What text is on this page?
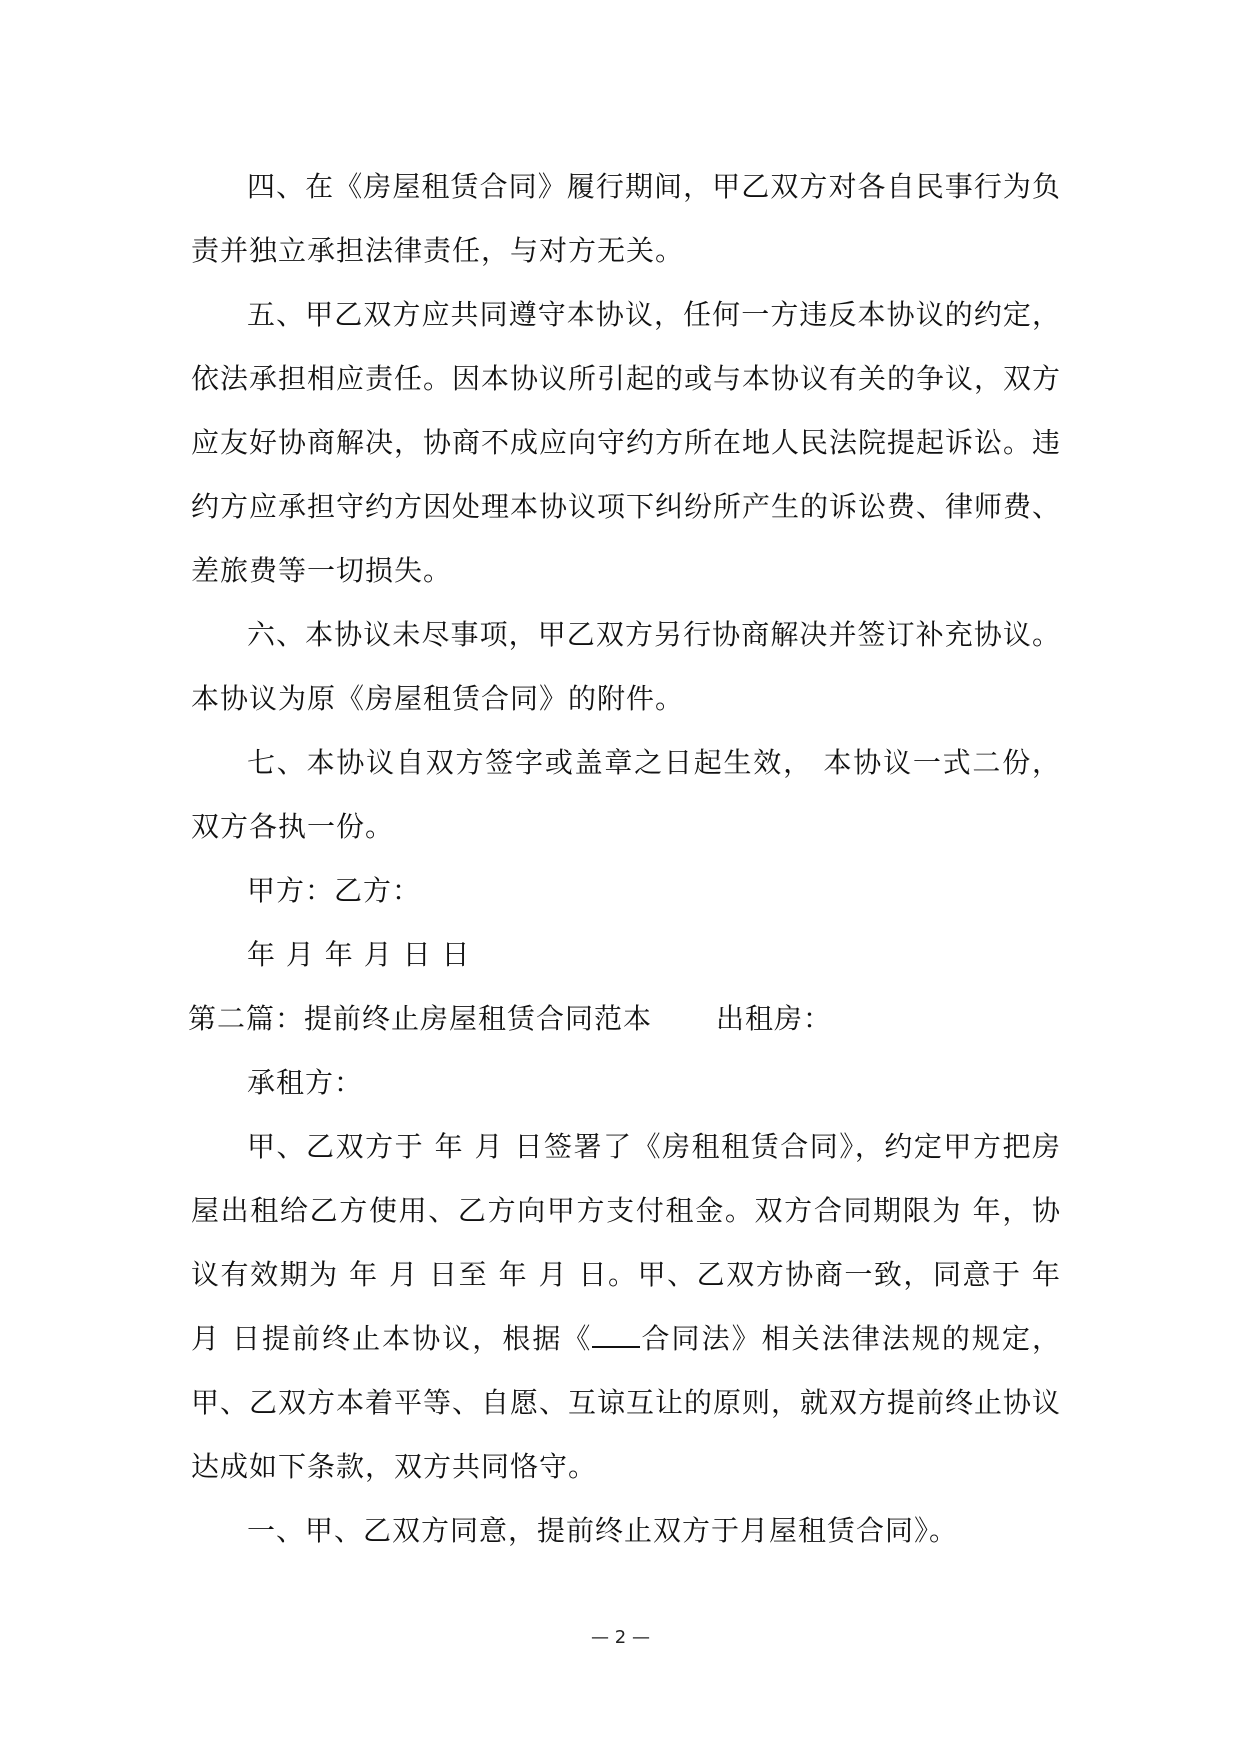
四、在《房屋租赁合同》履行期间，甲乙双方对各自民事行为负责并独立承担法律责任，与对方无关。

五、甲乙双方应共同遵守本协议，任何一方违反本协议的约定，依法承担相应责任。因本协议所引起的或与本协议有关的争议，双方应友好协商解决，协商不成应向守约方所在地人民法院提起诉讼。违约方应承担守约方因处理本协议项下纠纷所产生的诉讼费、律师费、差旅费等一切损失。

六、本协议未尽事项，甲乙双方另行协商解决并签订补充协议。本协议为原《房屋租赁合同》的附件。

七、本协议自双方签字或盖章之日起生效， 本协议一式二份，双方各执一份。

甲方：乙方：

年 月 年 月 日 日

第二篇：提前终止房屋租赁合同范本 出租房：

承租方：

甲、乙双方于 年 月 日签署了《房租租赁合同》，约定甲方把房屋出租给乙方使用、乙方向甲方支付租金。双方合同期限为 年，协议有效期为 年 月 日至 年 月 日。甲、乙双方协商一致，同意于 年 月 日提前终止本协议，根据《 合同法》相关法律法规的规定，甲、乙双方本着平等、自愿、互谅互让的原则，就双方提前终止协议达成如下条款，双方共同恪守。

一、甲、乙双方同意，提前终止双方于月屋租赁合同》。

— 2 —
